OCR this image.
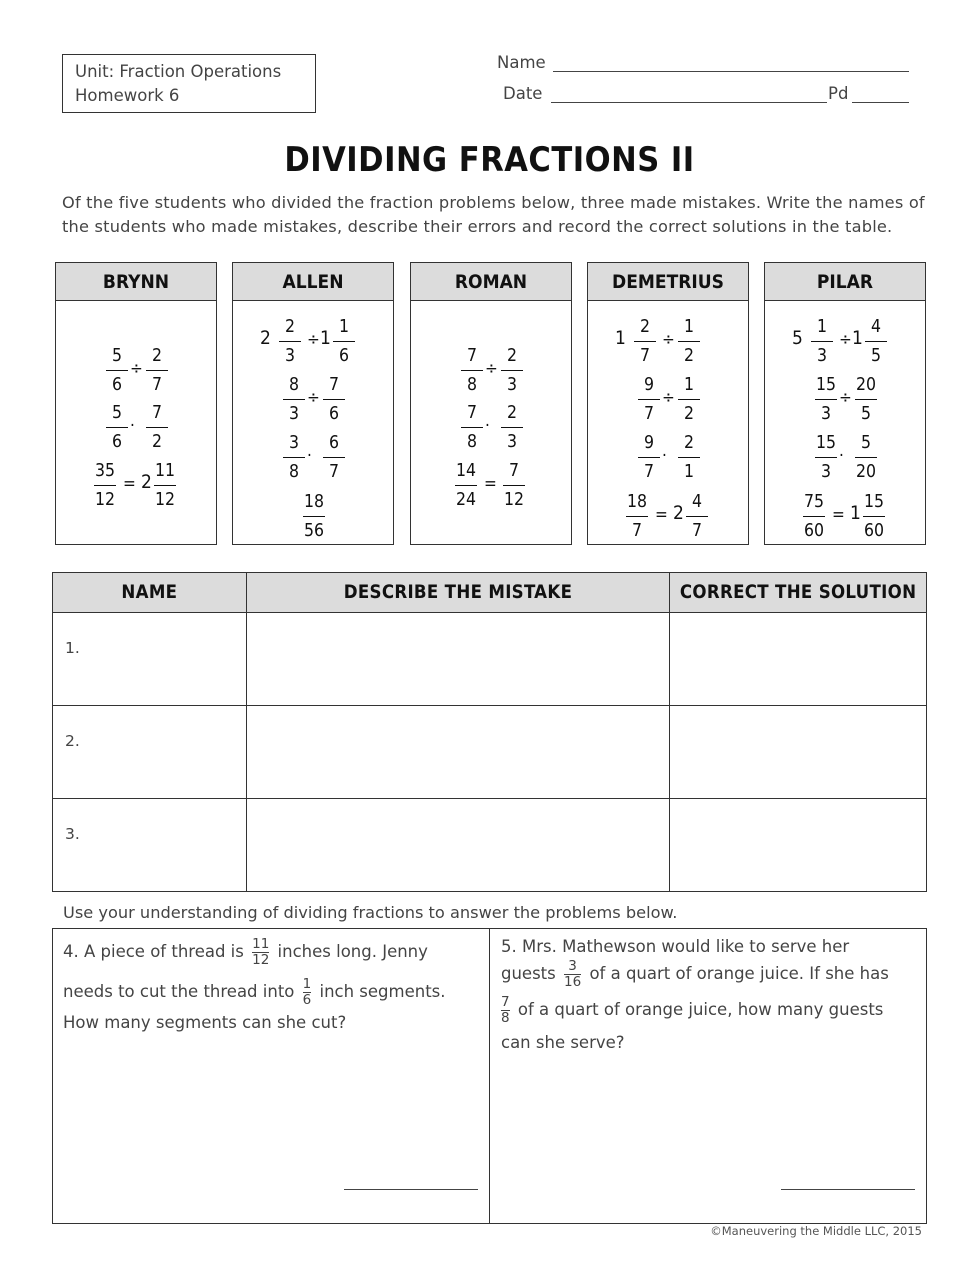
Unit: Fraction Operations
Homework 6
Name
Date	Pd
DIVIDING FRACTIONS II
Of the five students who divided the fraction problems below, three made mistakes. Write the names of the students who made mistakes, describe their errors and record the correct solutions in the table.
BRYNN
5
6
÷
2
7
5
6
·
7
2
35
12
= 2 11
12
ALLEN
2 2
3
÷ 1 1
6
8
3
÷
7
6
3
8
·
6
7
18
56
ROMAN
7
8
÷
2
3
7
8
·
2
3
14
24
=
7
12
DEMETRIUS
1 2
7
÷
1
2
9
7
÷
1
2
9
7
·
2
1
18
7
= 2 4
7
PILAR
5 1
3
÷ 1 4
5
15
3
÷
20
5
15
3
·
5
20
75
60
= 1 15
60
NAME	DESCRIBE THE MISTAKE	CORRECT THE SOLUTION
1.		
2.		
3.		
Use your understanding of dividing fractions to answer the problems below.
4. A piece of thread is $\frac{11}{12}$ inches long. Jenny
needs to cut the thread into $\frac{1}{6}$ inch segments.
How many segments can she cut?
5. Mrs. Mathewson would like to serve her
guests $\frac{3}{16}$ of a quart of orange juice. If she has
$\frac{7}{8}$ of a quart of orange juice, how many guests
can she serve?
©Maneuvering the Middle LLC, 2015
